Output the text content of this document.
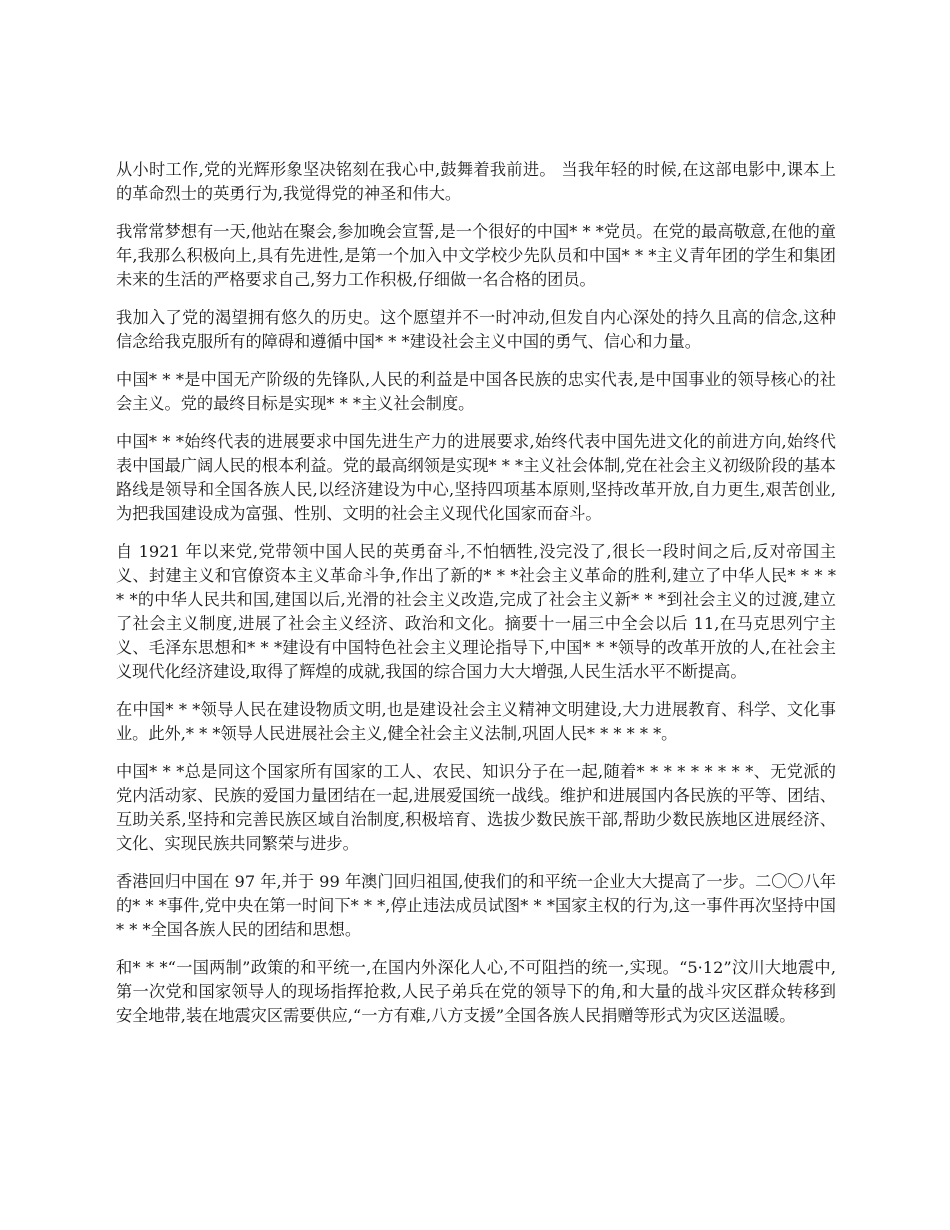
从小时工作,党的光辉形象坚决铭刻在我心中,鼓舞着我前进。 当我年轻的时候,在这部电影中,课本上的革命烈士的英勇行为,我觉得党的神圣和伟大。

我常常梦想有一天,他站在聚会,参加晚会宣誓,是一个很好的中国* * *党员。在党的最高敬意,在他的童年,我那么积极向上,具有先进性,是第一个加入中文学校少先队员和中国* * *主义青年团的学生和集团未来的生活的严格要求自己,努力工作积极,仔细做一名合格的团员。

我加入了党的渴望拥有悠久的历史。这个愿望并不一时冲动,但发自内心深处的持久且高的信念,这种信念给我克服所有的障碍和遵循中国* * *建设社会主义中国的勇气、信心和力量。

中国* * *是中国无产阶级的先锋队,人民的利益是中国各民族的忠实代表,是中国事业的领导核心的社会主义。党的最终目标是实现* * *主义社会制度。

中国* * *始终代表的进展要求中国先进生产力的进展要求,始终代表中国先进文化的前进方向,始终代表中国最广阔人民的根本利益。党的最高纲领是实现* * *主义社会体制,党在社会主义初级阶段的基本路线是领导和全国各族人民,以经济建设为中心,坚持四项基本原则,坚持改革开放,自力更生,艰苦创业,为把我国建设成为富强、性别、文明的社会主义现代化国家而奋斗。

自 1921 年以来党,党带领中国人民的英勇奋斗,不怕牺牲,没完没了,很长一段时间之后,反对帝国主义、封建主义和官僚资本主义革命斗争,作出了新的* * *社会主义革命的胜利,建立了中华人民* * * * * *的中华人民共和国,建国以后,光滑的社会主义改造,完成了社会主义新* * *到社会主义的过渡,建立了社会主义制度,进展了社会主义经济、政治和文化。摘要十一届三中全会以后 11,在马克思列宁主义、毛泽东思想和* * *建设有中国特色社会主义理论指导下,中国* * *领导的改革开放的人,在社会主义现代化经济建设,取得了辉煌的成就,我国的综合国力大大增强,人民生活水平不断提高。

在中国* * *领导人民在建设物质文明,也是建设社会主义精神文明建设,大力进展教育、科学、文化事业。此外,* * *领导人民进展社会主义,健全社会主义法制,巩固人民* * * * * *。

中国* * *总是同这个国家所有国家的工人、农民、知识分子在一起,随着* * * * * * * * *、无党派的党内活动家、民族的爱国力量团结在一起,进展爱国统一战线。维护和进展国内各民族的平等、团结、互助关系,坚持和完善民族区域自治制度,积极培育、选拔少数民族干部,帮助少数民族地区进展经济、文化、实现民族共同繁荣与进步。

香港回归中国在 97 年,并于 99 年澳门回归祖国,使我们的和平统一企业大大提高了一步。二〇〇八年的* * *事件,党中央在第一时间下* * *,停止违法成员试图* * *国家主权的行为,这一事件再次坚持中国* * *全国各族人民的团结和思想。

和* * *“一国两制”政策的和平统一,在国内外深化人心,不可阻挡的统一,实现。“5·12”汶川大地震中,第一次党和国家领导人的现场指挥抢救,人民子弟兵在党的领导下的角,和大量的战斗灾区群众转移到安全地带,装在地震灾区需要供应,“一方有难,八方支援”全国各族人民捐赠等形式为灾区送温暖。
